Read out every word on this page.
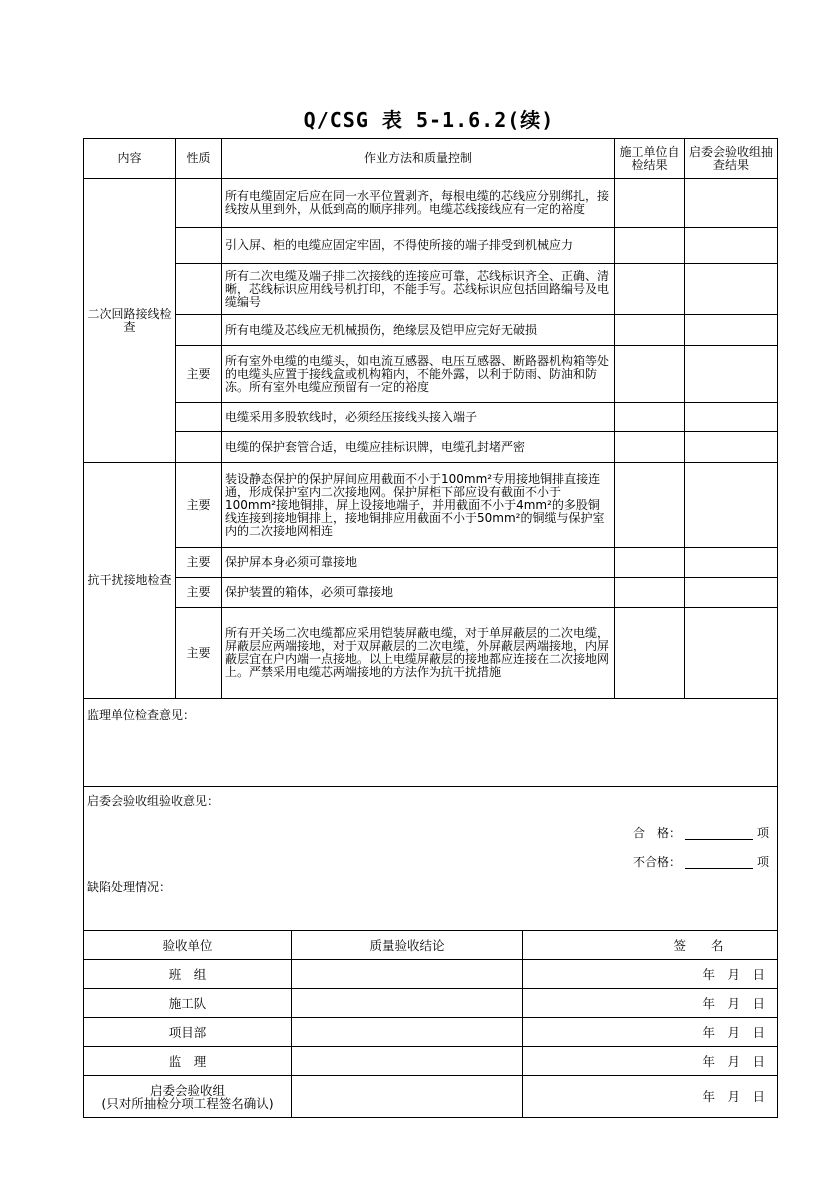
Q/CSG 表 5-1.6.2(续)
内容	性质	作业方法和质量控制	施工单位自检结果	启委会验收组抽查结果
二次回路接线检查		所有电缆固定后应在同一水平位置剥齐，每根电缆的芯线应分别绑扎，接线按从里到外，从低到高的顺序排列。电缆芯线接线应有一定的裕度		
		引入屏、柜的电缆应固定牢固，不得使所接的端子排受到机械应力		
		所有二次电缆及端子排二次接线的连接应可靠，芯线标识齐全、正确、清晰，芯线标识应用线号机打印，不能手写。芯线标识应包括回路编号及电缆编号		
		所有电缆及芯线应无机械损伤，绝缘层及铠甲应完好无破损		
	主要	所有室外电缆的电缆头，如电流互感器、电压互感器、断路器机构箱等处的电缆头应置于接线盒或机构箱内，不能外露，以利于防雨、防油和防冻。所有室外电缆应预留有一定的裕度		
		电缆采用多股软线时，必须经压接线头接入端子		
		电缆的保护套管合适，电缆应挂标识牌，电缆孔封堵严密		
抗干扰接地检查	主要	装设静态保护的保护屏间应用截面不小于100mm²专用接地铜排直接连通，形成保护室内二次接地网。保护屏柜下部应设有截面不小于100mm²接地铜排，屏上设接地端子，并用截面不小于4mm²的多股铜线连接到接地铜排上，接地铜排应用截面不小于50mm²的铜缆与保护室内的二次接地网相连		
	主要	保护屏本身必须可靠接地		
	主要	保护装置的箱体，必须可靠接地		
	主要	所有开关场二次电缆都应采用铠装屏蔽电缆，对于单屏蔽层的二次电缆，屏蔽层应两端接地，对于双屏蔽层的二次电缆，外屏蔽层两端接地，内屏蔽层宜在户内端一点接地。以上电缆屏蔽层的接地都应连接在二次接地网上。严禁采用电缆芯两端接地的方法作为抗干扰措施		
监理单位检查意见：				

启委会验收组验收意见：
合　格： 项
不合格： 项
缺陷处理情况：				
验收单位	质量验收结论	签　　名
班　组		年　月　日
施工队		年　月　日
项目部		年　月　日
监　理		年　月　日

启委会验收组
(只对所抽检分项工程签名确认)		年　月　日
